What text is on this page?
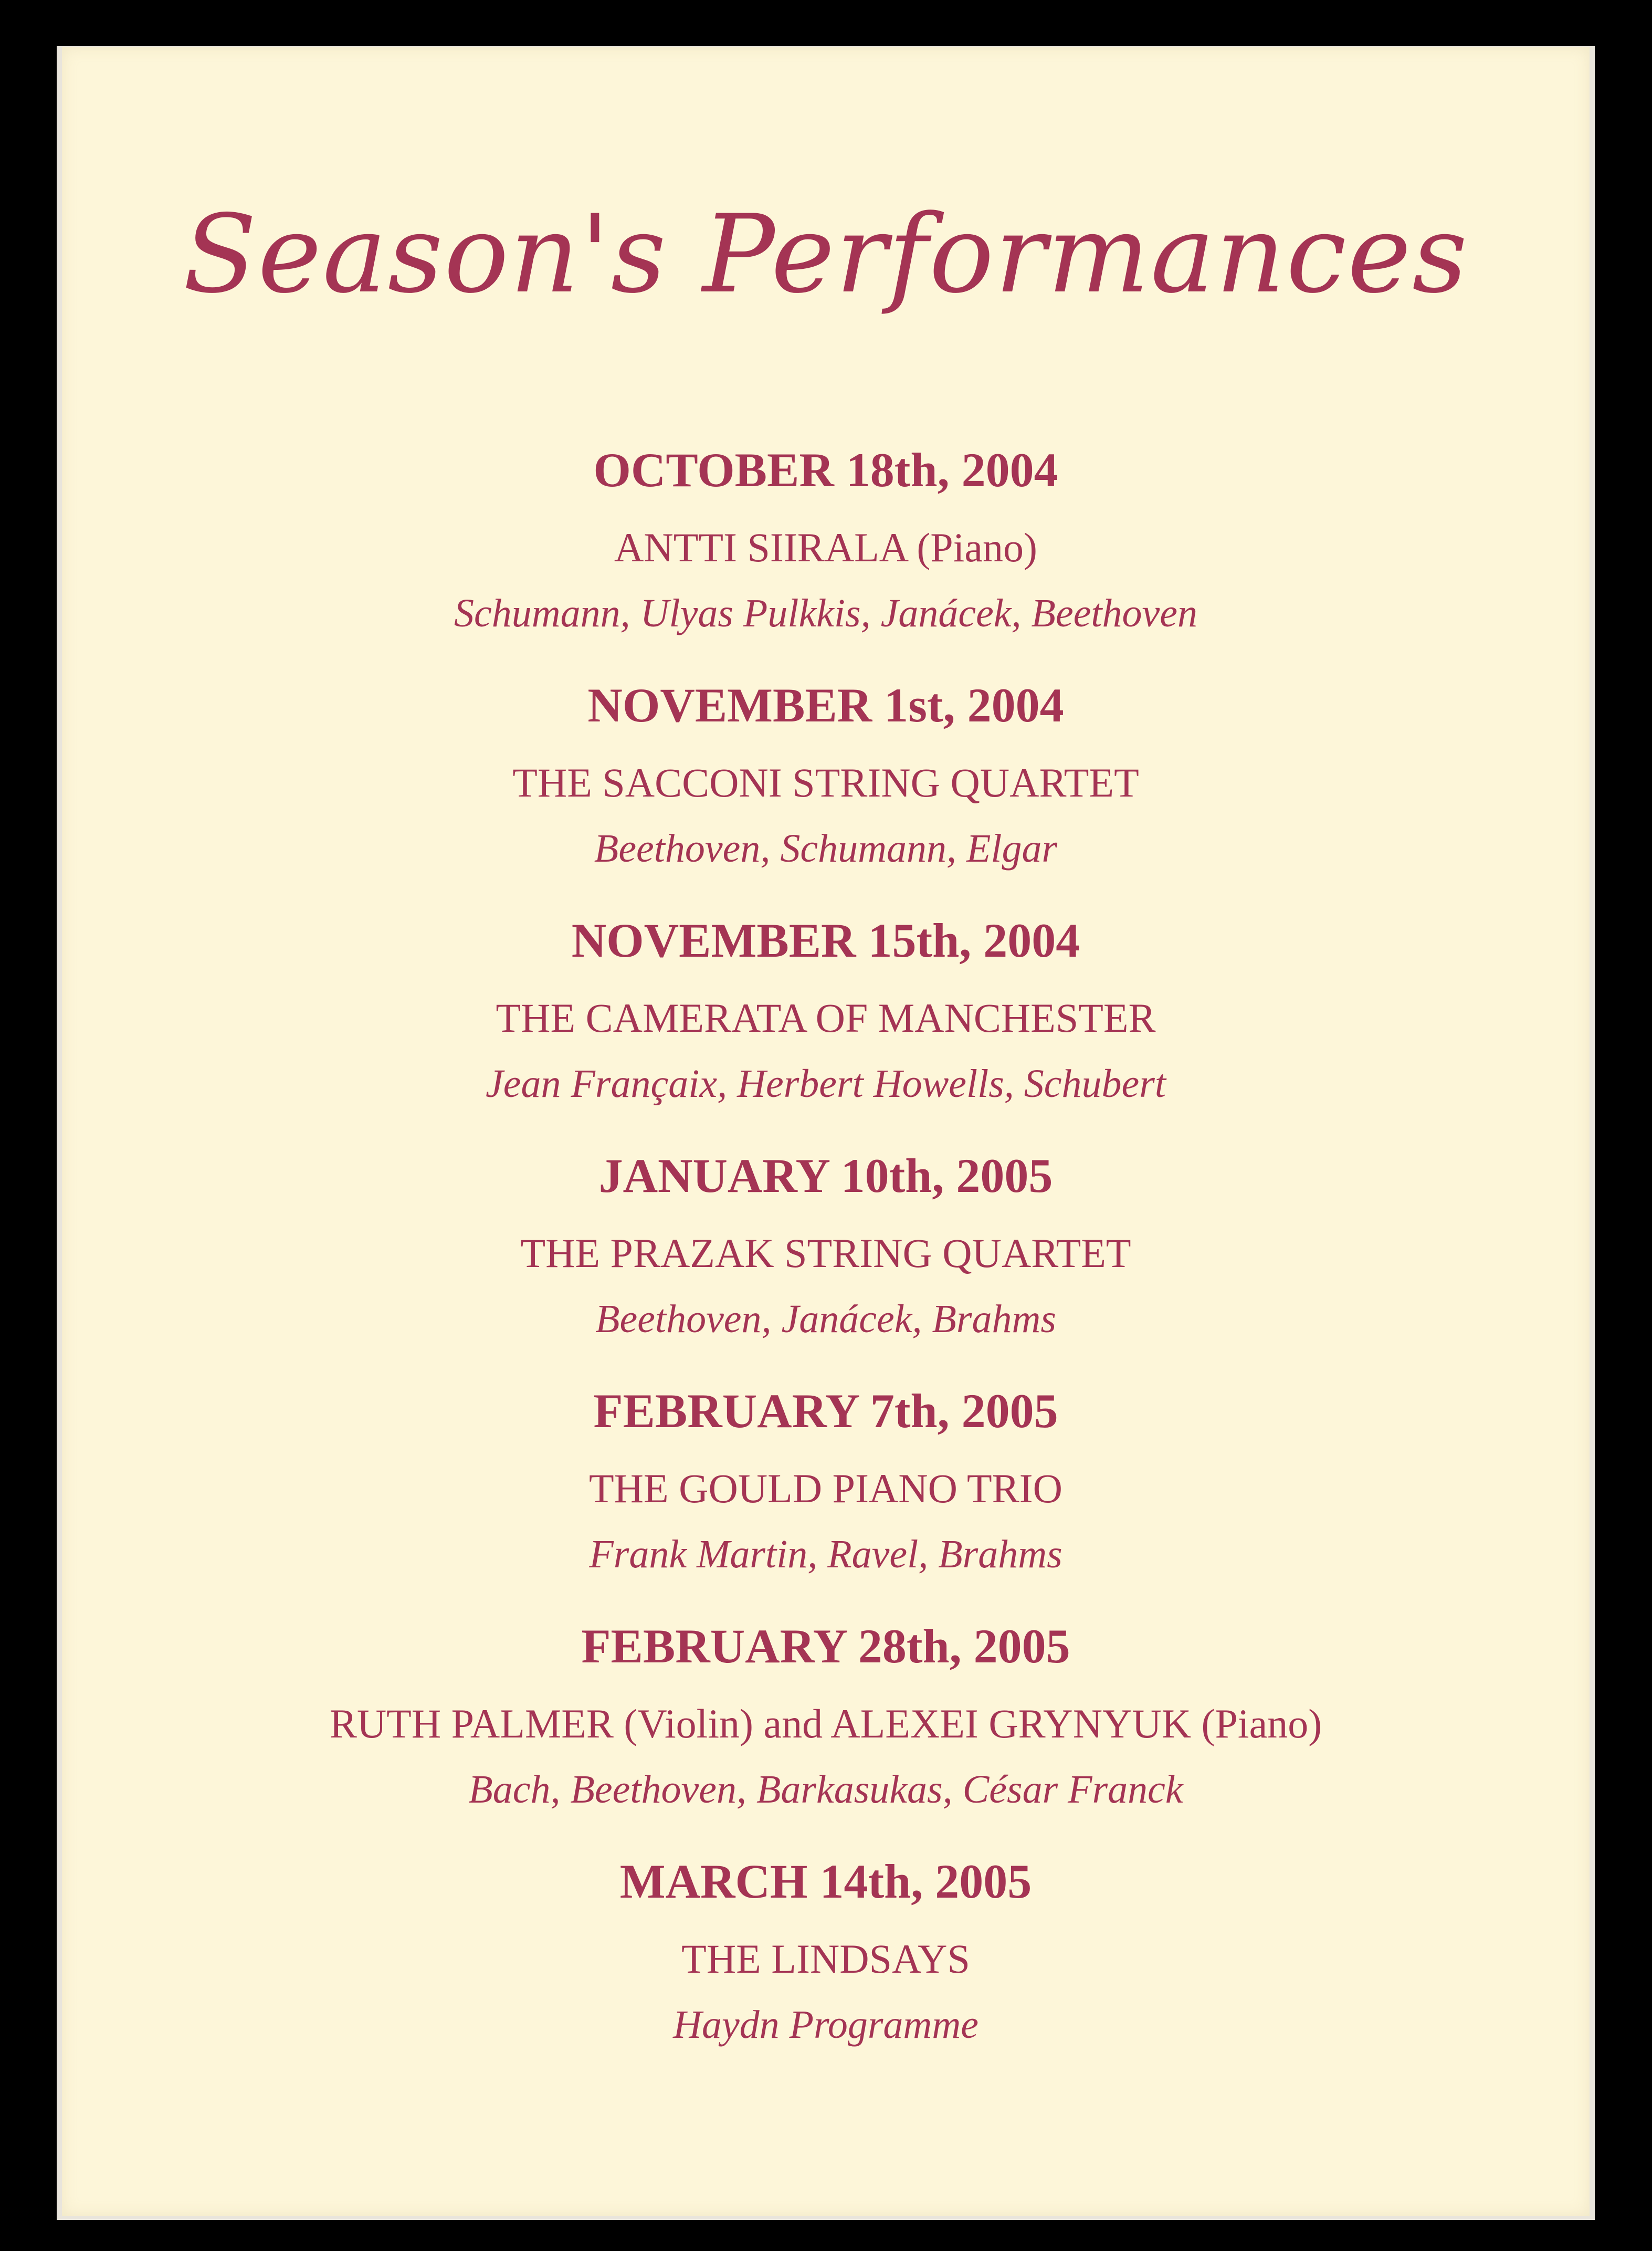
Season's Performances
OCTOBER 18th, 2004
ANTTI SIIRALA (Piano)
Schumann, Ulyas Pulkkis, Janácek, Beethoven
NOVEMBER 1st, 2004
THE SACCONI STRING QUARTET
Beethoven, Schumann, Elgar
NOVEMBER 15th, 2004
THE CAMERATA OF MANCHESTER
Jean Françaix, Herbert Howells, Schubert
JANUARY 10th, 2005
THE PRAZAK STRING QUARTET
Beethoven, Janácek, Brahms
FEBRUARY 7th, 2005
THE GOULD PIANO TRIO
Frank Martin, Ravel, Brahms
FEBRUARY 28th, 2005
RUTH PALMER (Violin) and ALEXEI GRYNYUK (Piano)
Bach, Beethoven, Barkasukas, César Franck
MARCH 14th, 2005
THE LINDSAYS
Haydn Programme
